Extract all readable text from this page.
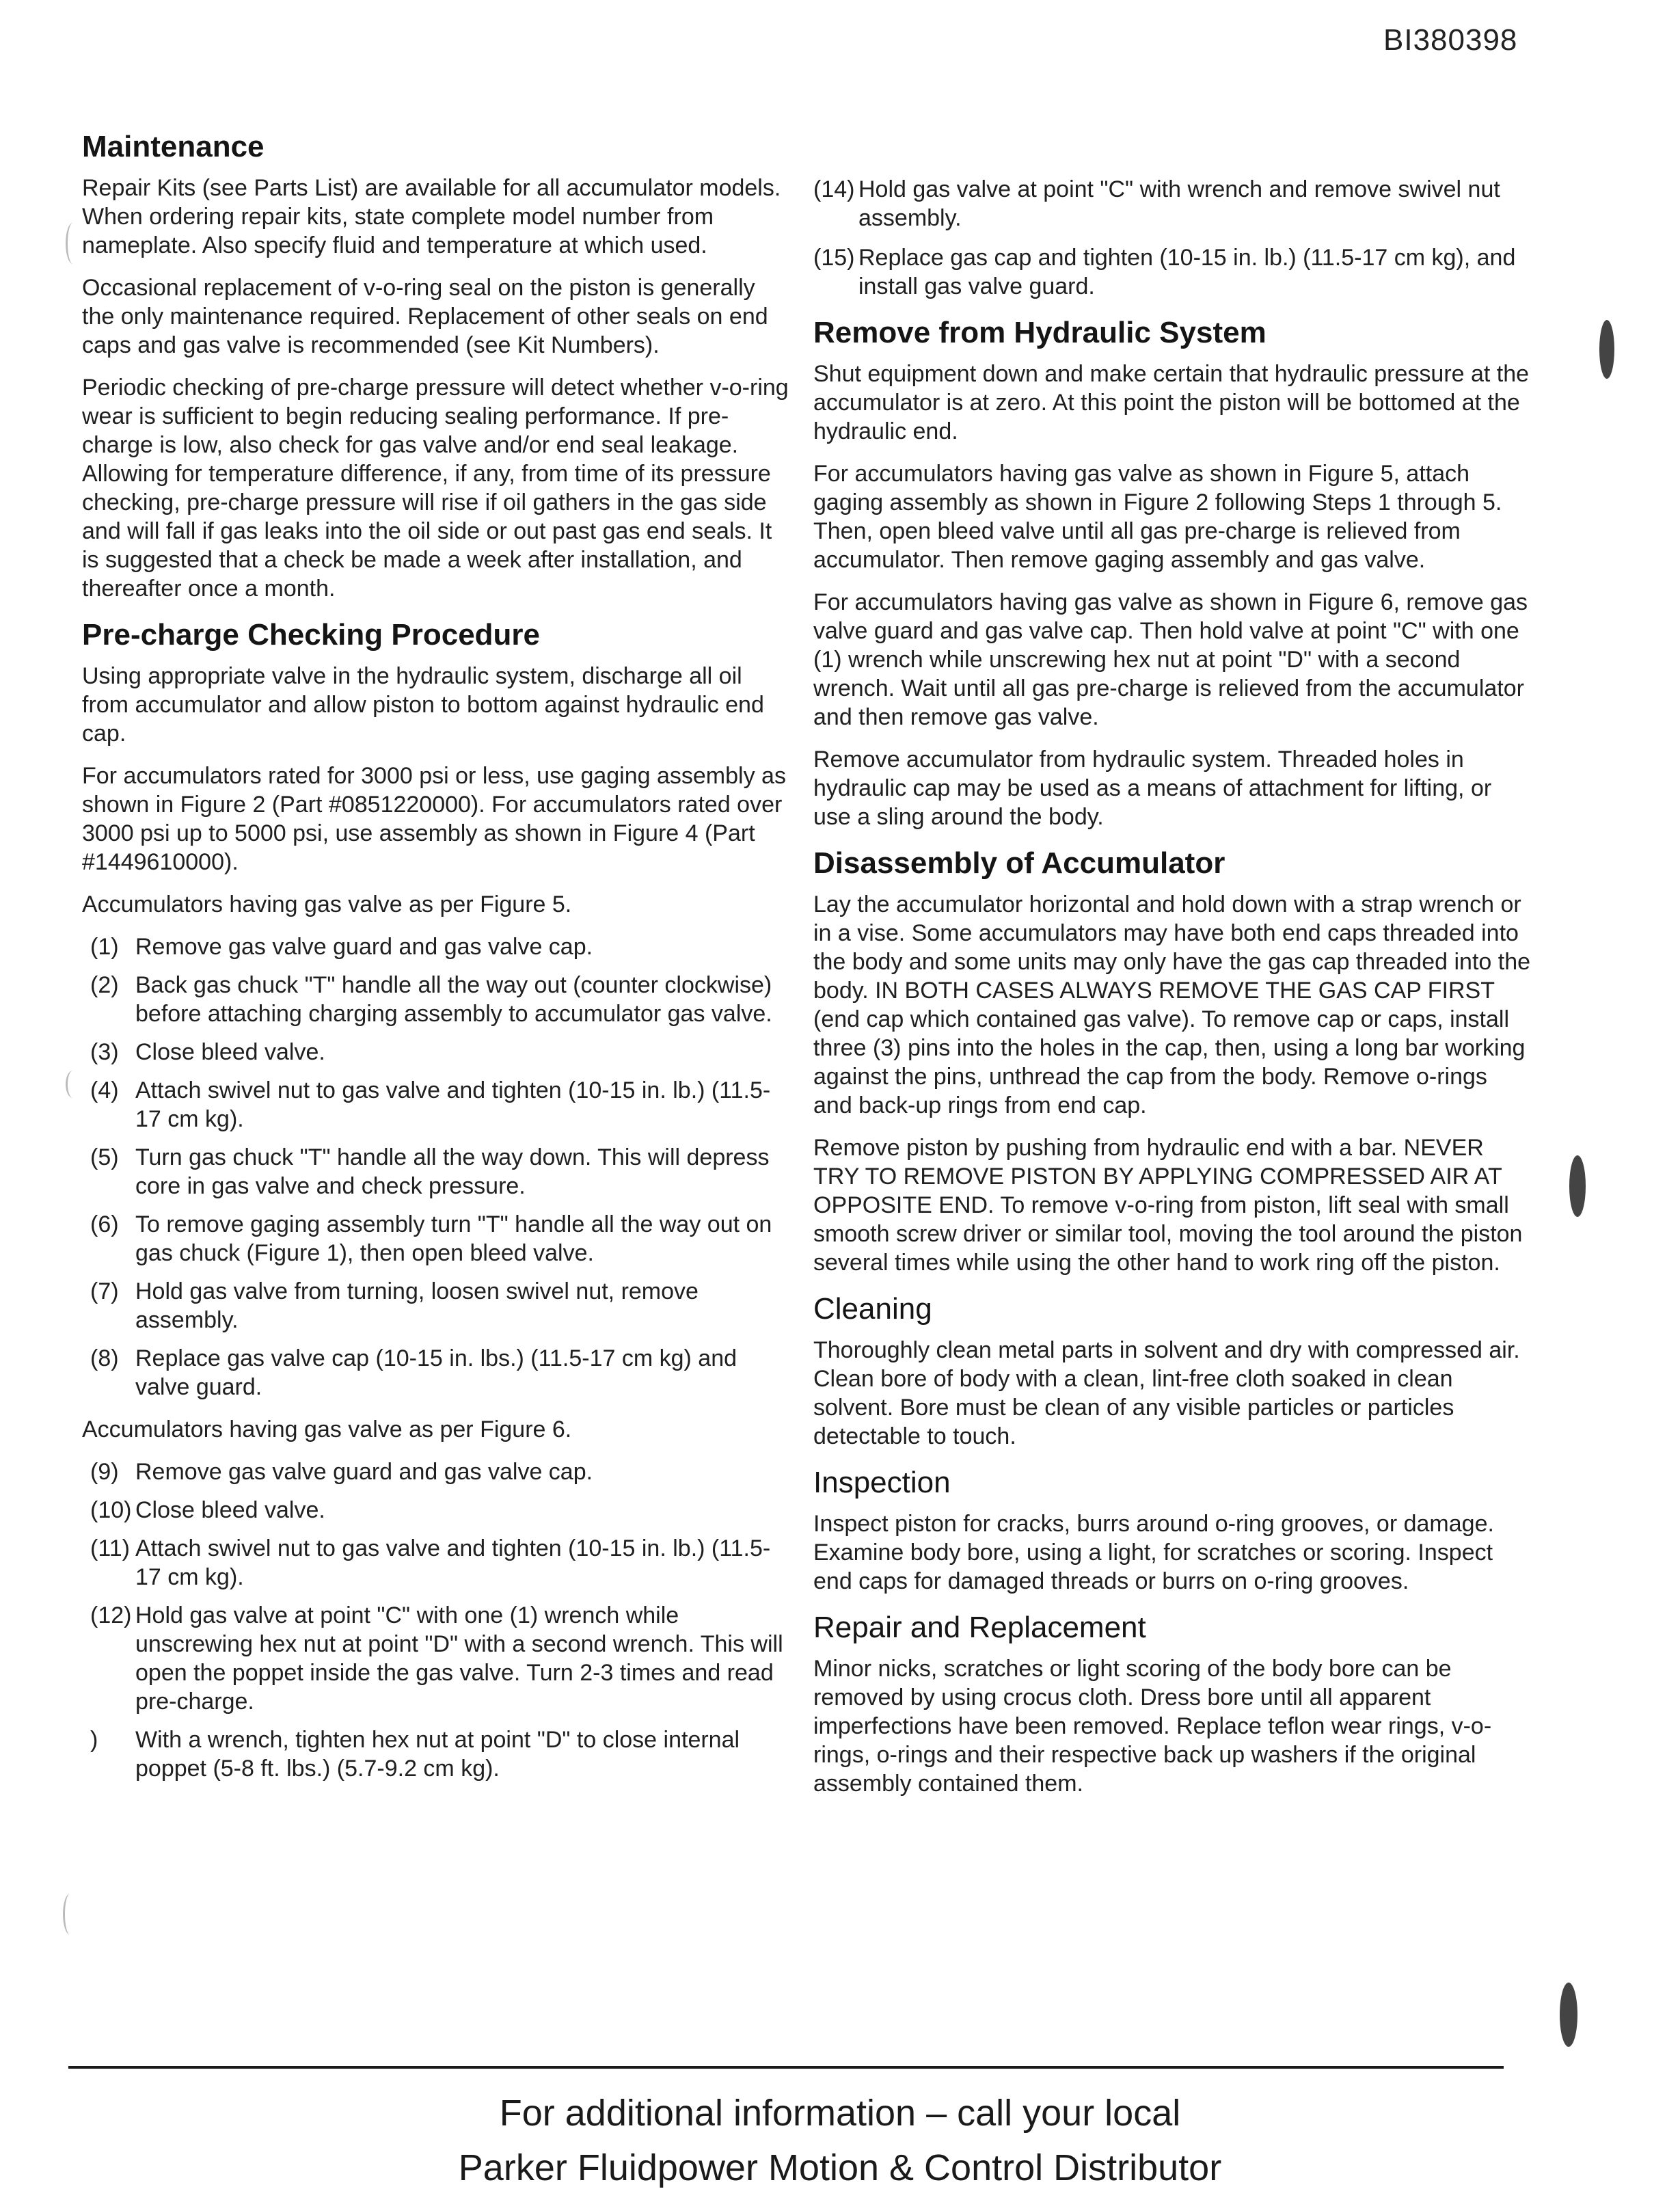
BI380398
Maintenance

Repair Kits (see Parts List) are available for all accumulator models. When ordering repair kits, state complete model number from nameplate. Also specify fluid and temperature at which used.

Occasional replacement of v-o-ring seal on the piston is generally the only maintenance required. Replacement of other seals on end caps and gas valve is recommended (see Kit Numbers).

Periodic checking of pre-charge pressure will detect whether v-o-ring wear is sufficient to begin reducing sealing performance. If pre-charge is low, also check for gas valve and/or end seal leakage. Allowing for temperature difference, if any, from time of its pressure checking, pre-charge pressure will rise if oil gathers in the gas side and will fall if gas leaks into the oil side or out past gas end seals. It is suggested that a check be made a week after installation, and thereafter once a month.

Pre-charge Checking Procedure

Using appropriate valve in the hydraulic system, discharge all oil from accumulator and allow piston to bottom against hydraulic end cap.

For accumulators rated for 3000 psi or less, use gaging assembly as shown in Figure 2 (Part #0851220000). For accumulators rated over 3000 psi up to 5000 psi, use assembly as shown in Figure 4 (Part #1449610000).

Accumulators having gas valve as per Figure 5.

(1) Remove gas valve guard and gas valve cap.
(2) Back gas chuck "T" handle all the way out (counter clockwise) before attaching charging assembly to accumulator gas valve.
(3) Close bleed valve.
(4) Attach swivel nut to gas valve and tighten (10-15 in. lb.) (11.5-17 cm kg).
(5) Turn gas chuck "T" handle all the way down. This will depress core in gas valve and check pressure.
(6) To remove gaging assembly turn "T" handle all the way out on gas chuck (Figure 1), then open bleed valve.
(7) Hold gas valve from turning, loosen swivel nut, remove assembly.
(8) Replace gas valve cap (10-15 in. lbs.) (11.5-17 cm kg) and valve guard.

Accumulators having gas valve as per Figure 6.

(9) Remove gas valve guard and gas valve cap.
(10) Close bleed valve.
(11) Attach swivel nut to gas valve and tighten (10-15 in. lb.) (11.5-17 cm kg).
(12) Hold gas valve at point "C" with one (1) wrench while unscrewing hex nut at point "D" with a second wrench. This will open the poppet inside the gas valve. Turn 2-3 times and read pre-charge.
)	With a wrench, tighten hex nut at point "D" to close internal poppet (5-8 ft. lbs.) (5.7-9.2 cm kg).
(14) Hold gas valve at point "C" with wrench and remove swivel nut assembly.
(15) Replace gas cap and tighten (10-15 in. lb.) (11.5-17 cm kg), and install gas valve guard.
Remove from Hydraulic System

Shut equipment down and make certain that hydraulic pressure at the accumulator is at zero. At this point the piston will be bottomed at the hydraulic end.

For accumulators having gas valve as shown in Figure 5, attach gaging assembly as shown in Figure 2 following Steps 1 through 5. Then, open bleed valve until all gas pre-charge is relieved from accumulator. Then remove gaging assembly and gas valve.

For accumulators having gas valve as shown in Figure 6, remove gas valve guard and gas valve cap. Then hold valve at point "C" with one (1) wrench while unscrewing hex nut at point "D" with a second wrench. Wait until all gas pre-charge is relieved from the accumulator and then remove gas valve.

Remove accumulator from hydraulic system. Threaded holes in hydraulic cap may be used as a means of attachment for lifting, or use a sling around the body.

Disassembly of Accumulator

Lay the accumulator horizontal and hold down with a strap wrench or in a vise. Some accumulators may have both end caps threaded into the body and some units may only have the gas cap threaded into the body. IN BOTH CASES ALWAYS REMOVE THE GAS CAP FIRST (end cap which contained gas valve). To remove cap or caps, install three (3) pins into the holes in the cap, then, using a long bar working against the pins, unthread the cap from the body. Remove o-rings and back-up rings from end cap.

Remove piston by pushing from hydraulic end with a bar. NEVER TRY TO REMOVE PISTON BY APPLYING COMPRESSED AIR AT OPPOSITE END. To remove v-o-ring from piston, lift seal with small smooth screw driver or similar tool, moving the tool around the piston several times while using the other hand to work ring off the piston.

Cleaning

Thoroughly clean metal parts in solvent and dry with compressed air. Clean bore of body with a clean, lint-free cloth soaked in clean solvent. Bore must be clean of any visible particles or particles detectable to touch.

Inspection

Inspect piston for cracks, burrs around o-ring grooves, or damage. Examine body bore, using a light, for scratches or scoring. Inspect end caps for damaged threads or burrs on o-ring grooves.

Repair and Replacement

Minor nicks, scratches or light scoring of the body bore can be removed by using crocus cloth. Dress bore until all apparent imperfections have been removed. Replace teflon wear rings, v-o-rings, o-rings and their respective back up washers if the original assembly contained them.

For additional information – call your local
Parker Fluidpower Motion & Control Distributor
